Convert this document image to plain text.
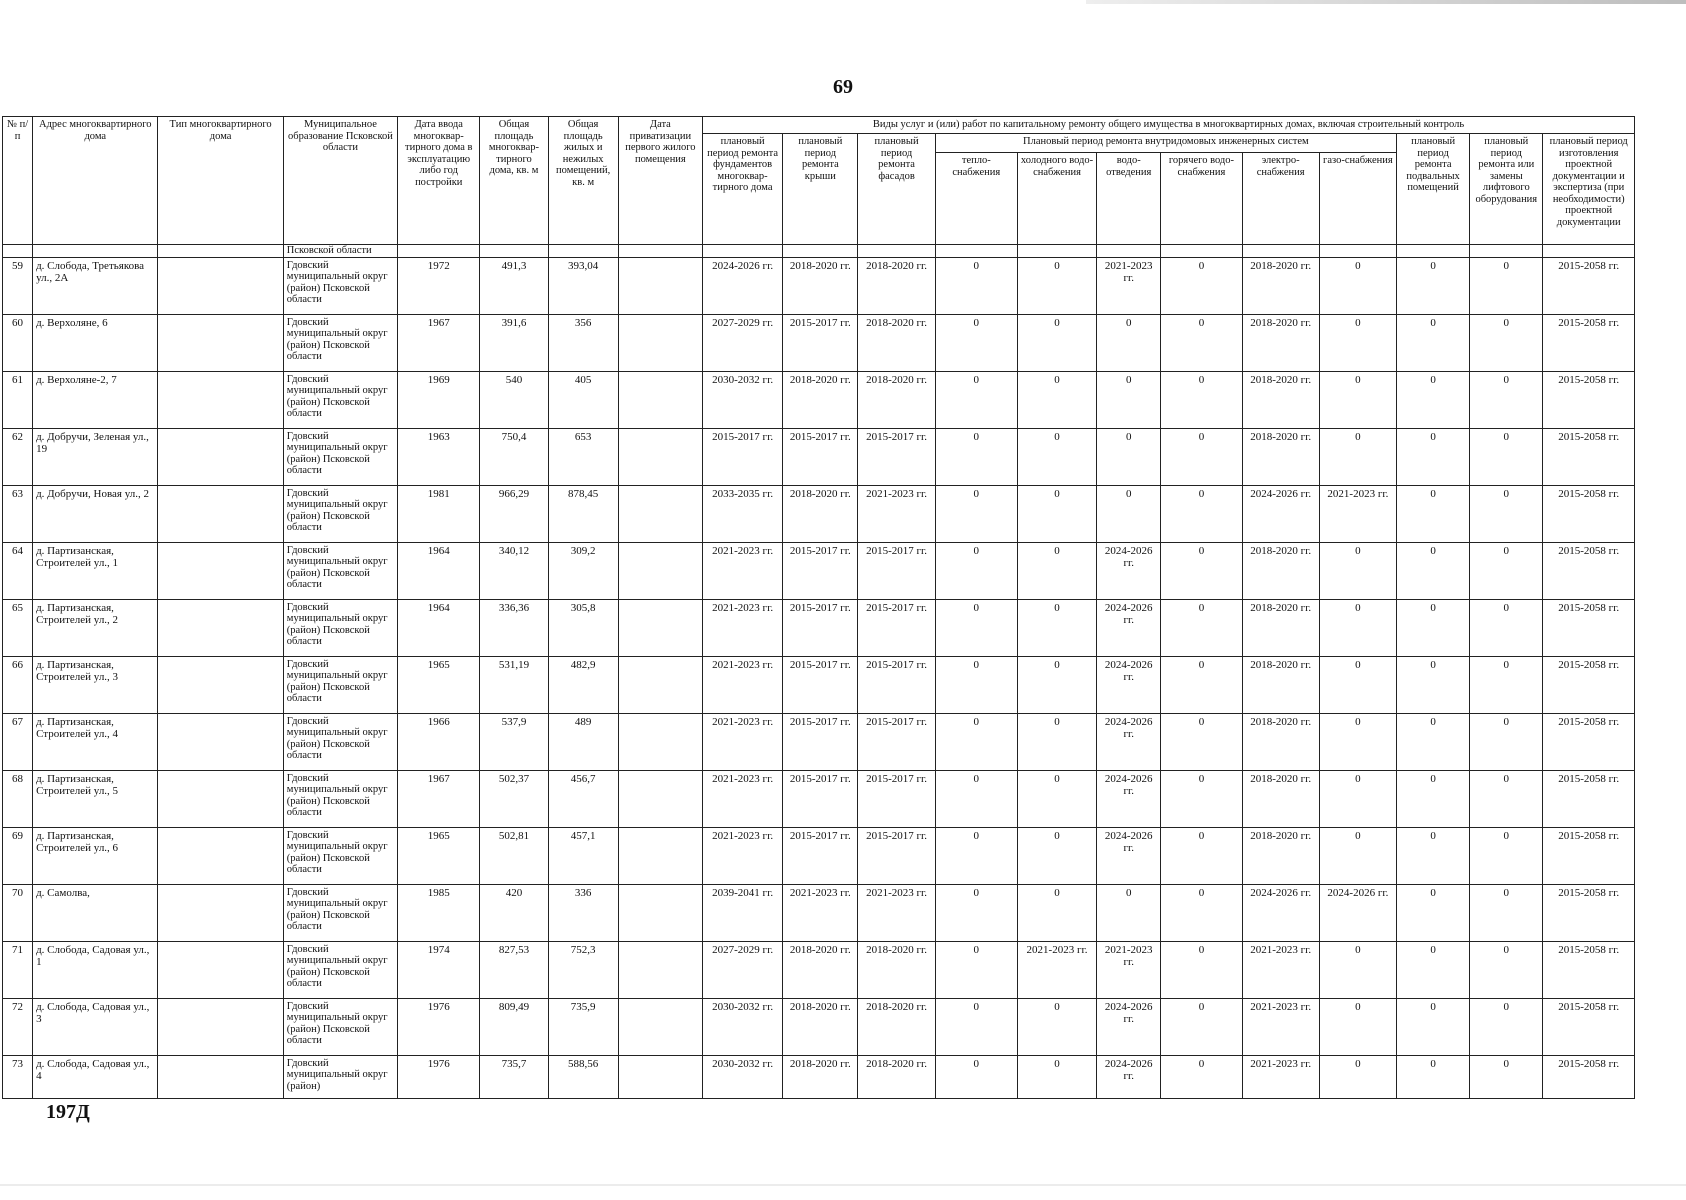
69
№ п/п	Адрес многоквартирного дома	Тип многоквартирного дома	Муниципальное образование Псковской области	Дата ввода многоквар-тирного дома в эксплуатацию либо год постройки	Общая площадь многоквар-тирного дома, кв. м	Общая площадь жилых и нежилых помещений, кв. м	Дата приватизации первого жилого помещения	Виды услуг и (или) работ по капитальному ремонту общего имущества в многоквартирных домах, включая строительный контроль											
								плановый период ремонта фундаментов многоквар-тирного дома	плановый период ремонта крыши	плановый период ремонта фасадов	Плановый период ремонта внутридомовых инженерных систем						плановый период ремонта подвальных помещений	плановый период ремонта или замены лифтового оборудования	плановый период изготовления проектной документации и экспертиза (при необходимости) проектной документации
											тепло-снабжения	холодного водо-снабжения	водо-отведения	горячего водо-снабжения	электро-снабжения	газо-снабжения			
			Псковской области																
59	д. Слобода, Третьякова ул., 2А		Гдовский муниципальный округ (район) Псковской области	1972	491,3	393,04		2024-2026 гг.	2018-2020 гг.	2018-2020 гг.	0	0	2021-2023 гг.	0	2018-2020 гг.	0	0	0	2015-2058 гг.
60	д. Верхоляне, 6		Гдовский муниципальный округ (район) Псковской области	1967	391,6	356		2027-2029 гг.	2015-2017 гг.	2018-2020 гг.	0	0	0	0	2018-2020 гг.	0	0	0	2015-2058 гг.
61	д. Верхоляне-2, 7		Гдовский муниципальный округ (район) Псковской области	1969	540	405		2030-2032 гг.	2018-2020 гг.	2018-2020 гг.	0	0	0	0	2018-2020 гг.	0	0	0	2015-2058 гг.
62	д. Добручи, Зеленая ул., 19		Гдовский муниципальный округ (район) Псковской области	1963	750,4	653		2015-2017 гг.	2015-2017 гг.	2015-2017 гг.	0	0	0	0	2018-2020 гг.	0	0	0	2015-2058 гг.
63	д. Добручи, Новая ул., 2		Гдовский муниципальный округ (район) Псковской области	1981	966,29	878,45		2033-2035 гг.	2018-2020 гг.	2021-2023 гг.	0	0	0	0	2024-2026 гг.	2021-2023 гг.	0	0	2015-2058 гг.
64	д. Партизанская, Строителей ул., 1		Гдовский муниципальный округ (район) Псковской области	1964	340,12	309,2		2021-2023 гг.	2015-2017 гг.	2015-2017 гг.	0	0	2024-2026 гг.	0	2018-2020 гг.	0	0	0	2015-2058 гг.
65	д. Партизанская, Строителей ул., 2		Гдовский муниципальный округ (район) Псковской области	1964	336,36	305,8		2021-2023 гг.	2015-2017 гг.	2015-2017 гг.	0	0	2024-2026 гг.	0	2018-2020 гг.	0	0	0	2015-2058 гг.
66	д. Партизанская, Строителей ул., 3		Гдовский муниципальный округ (район) Псковской области	1965	531,19	482,9		2021-2023 гг.	2015-2017 гг.	2015-2017 гг.	0	0	2024-2026 гг.	0	2018-2020 гг.	0	0	0	2015-2058 гг.
67	д. Партизанская, Строителей ул., 4		Гдовский муниципальный округ (район) Псковской области	1966	537,9	489		2021-2023 гг.	2015-2017 гг.	2015-2017 гг.	0	0	2024-2026 гг.	0	2018-2020 гг.	0	0	0	2015-2058 гг.
68	д. Партизанская, Строителей ул., 5		Гдовский муниципальный округ (район) Псковской области	1967	502,37	456,7		2021-2023 гг.	2015-2017 гг.	2015-2017 гг.	0	0	2024-2026 гг.	0	2018-2020 гг.	0	0	0	2015-2058 гг.
69	д. Партизанская, Строителей ул., 6		Гдовский муниципальный округ (район) Псковской области	1965	502,81	457,1		2021-2023 гг.	2015-2017 гг.	2015-2017 гг.	0	0	2024-2026 гг.	0	2018-2020 гг.	0	0	0	2015-2058 гг.
70	д. Самолва,		Гдовский муниципальный округ (район) Псковской области	1985	420	336		2039-2041 гг.	2021-2023 гг.	2021-2023 гг.	0	0	0	0	2024-2026 гг.	2024-2026 гг.	0	0	2015-2058 гг.
71	д. Слобода, Садовая ул., 1		Гдовский муниципальный округ (район) Псковской области	1974	827,53	752,3		2027-2029 гг.	2018-2020 гг.	2018-2020 гг.	0	2021-2023 гг.	2021-2023 гг.	0	2021-2023 гг.	0	0	0	2015-2058 гг.
72	д. Слобода, Садовая ул., 3		Гдовский муниципальный округ (район) Псковской области	1976	809,49	735,9		2030-2032 гг.	2018-2020 гг.	2018-2020 гг.	0	0	2024-2026 гг.	0	2021-2023 гг.	0	0	0	2015-2058 гг.
73	д. Слобода, Садовая ул., 4		Гдовский муниципальный округ (район)	1976	735,7	588,56		2030-2032 гг.	2018-2020 гг.	2018-2020 гг.	0	0	2024-2026 гг.	0	2021-2023 гг.	0	0	0	2015-2058 гг.
197Д
